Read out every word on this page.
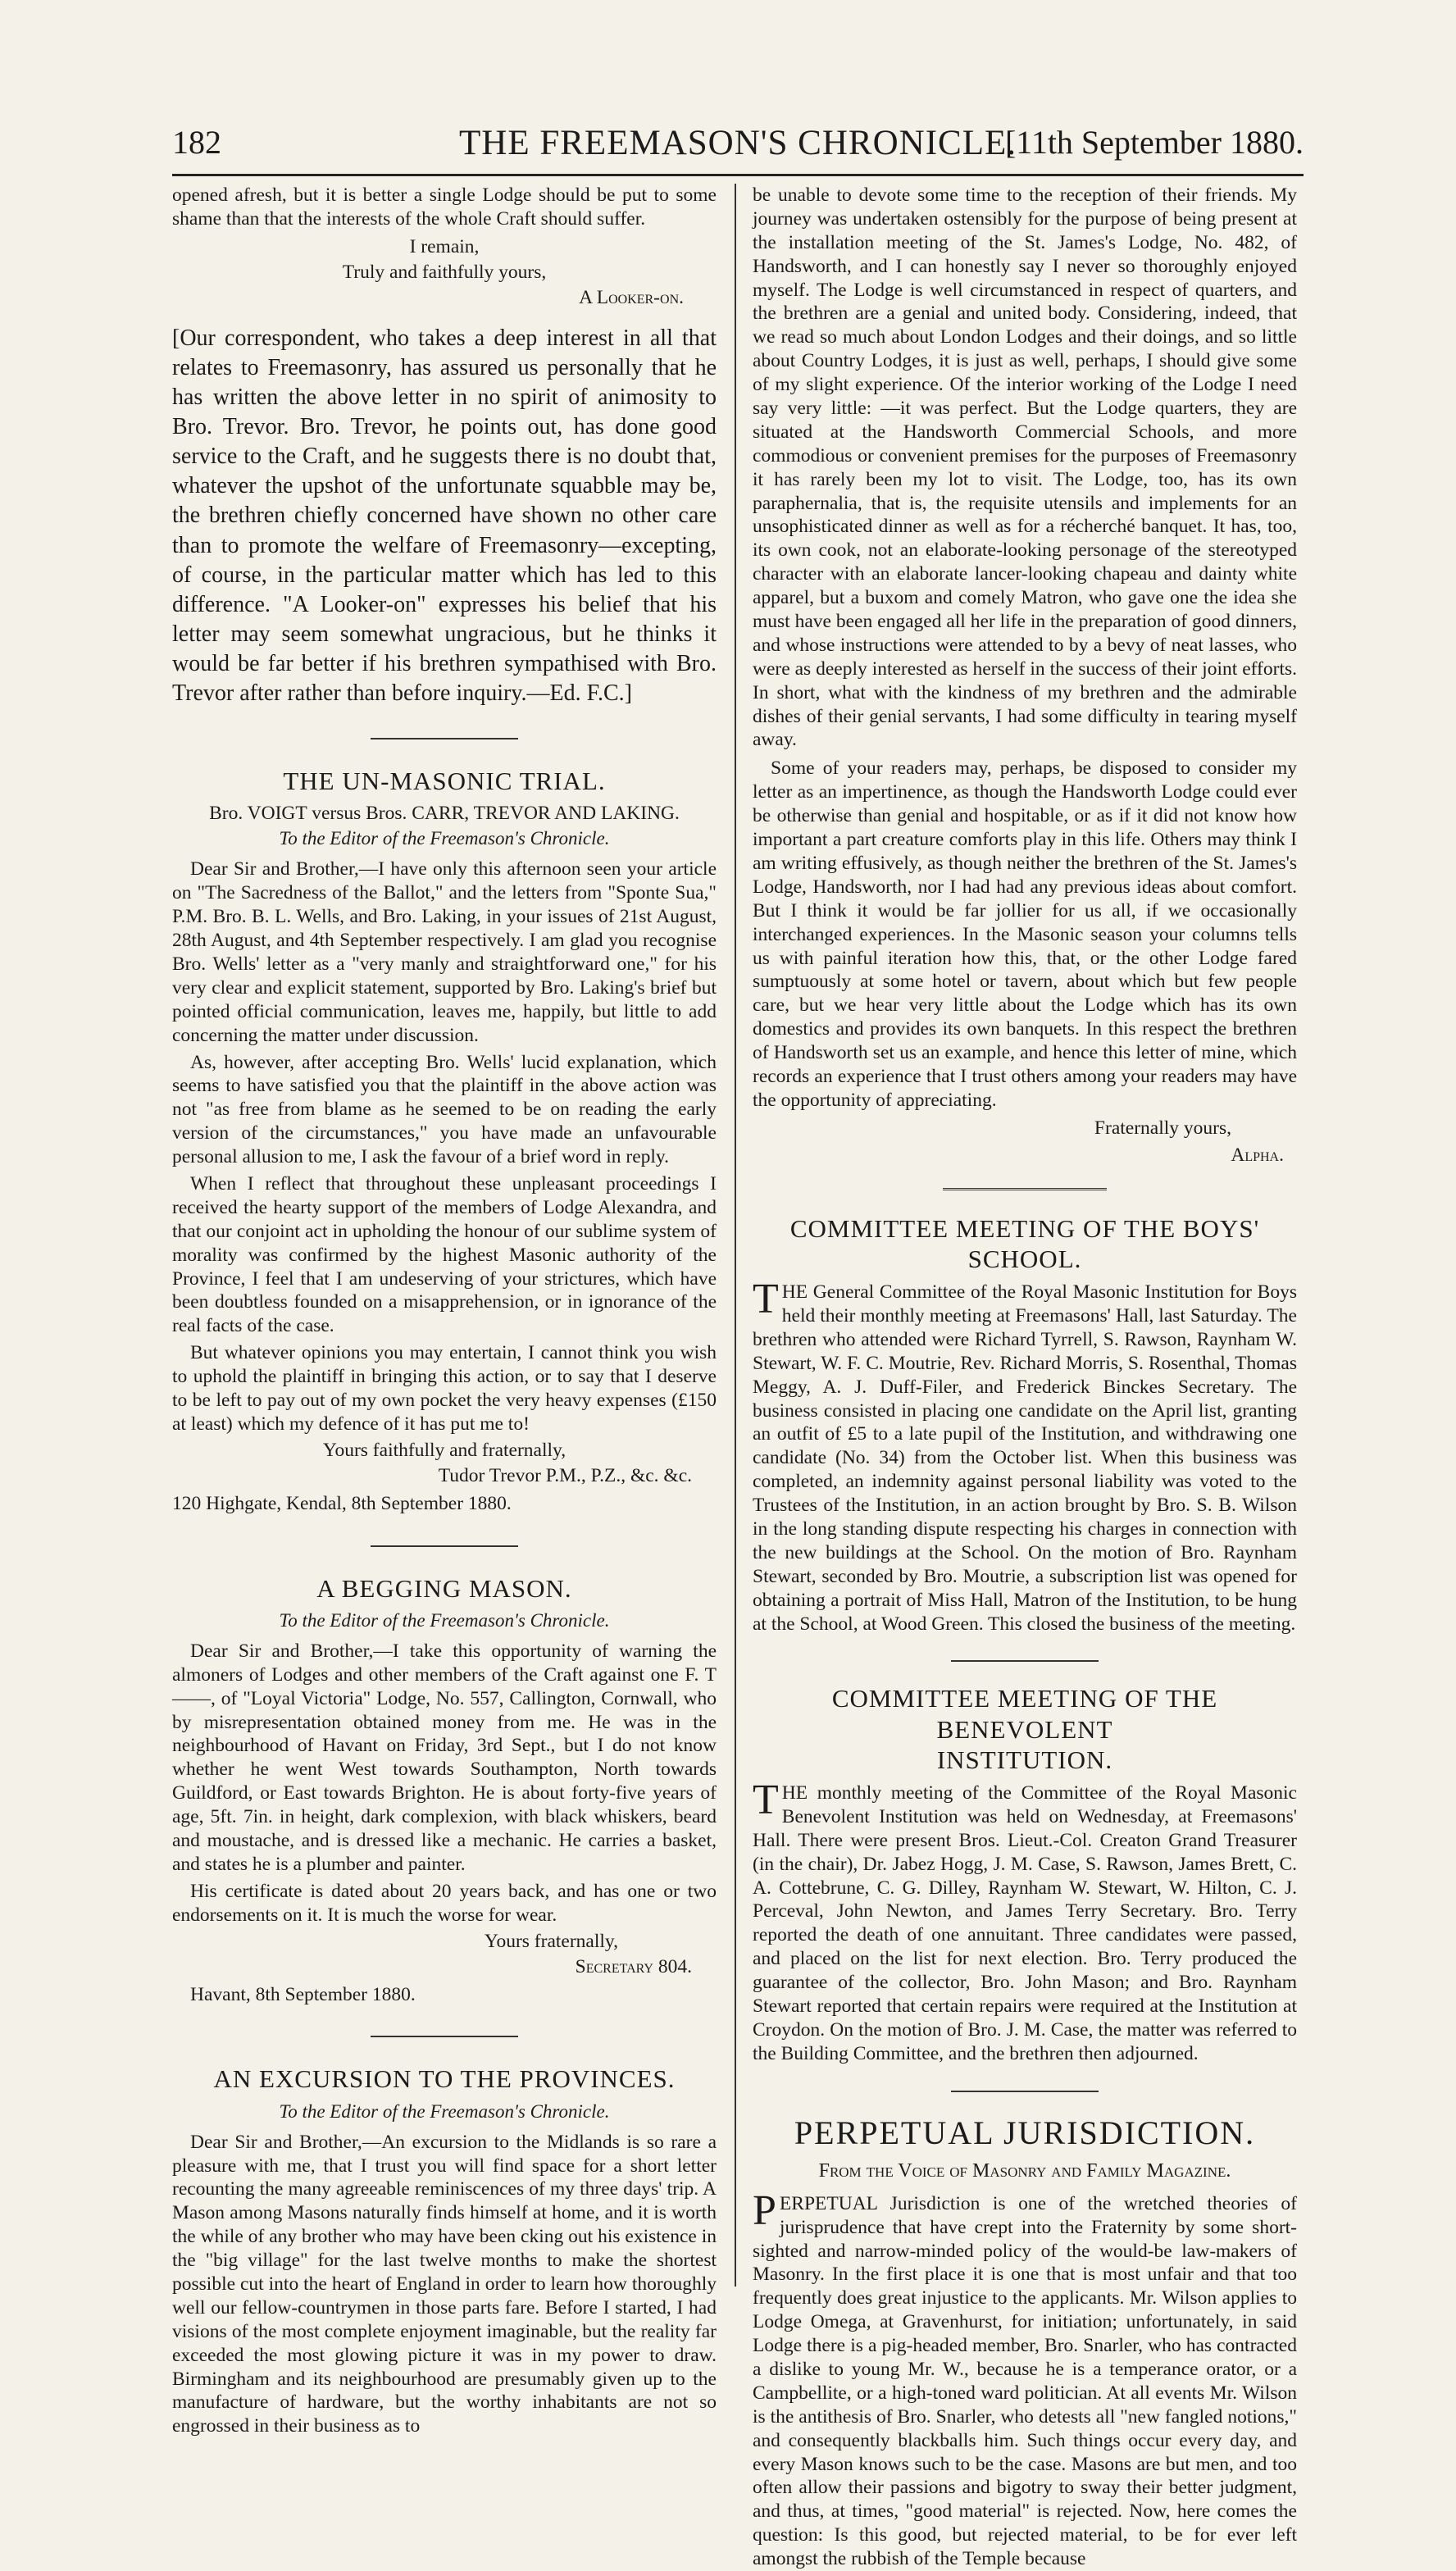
182	THE FREEMASON'S CHRONICLE.
[11th September 1880.

opened afresh, but it is better a single Lodge should be put to some shame than that the interests of the whole Craft should suffer.

I remain,
Truly and faithfully yours,
A Looker-on.

[Our correspondent, who takes a deep interest in all that relates to Freemasonry, has assured us personally that he has written the above letter in no spirit of animosity to Bro. Trevor. Bro. Trevor, he points out, has done good service to the Craft, and he suggests there is no doubt that, whatever the upshot of the unfortunate squabble may be, the brethren chiefly concerned have shown no other care than to promote the welfare of Freemasonry—excepting, of course, in the particular matter which has led to this difference. "A Looker-on" expresses his belief that his letter may seem somewhat ungracious, but he thinks it would be far better if his brethren sympathised with Bro. Trevor after rather than before inquiry.—Ed. F.C.]

THE UN-MASONIC TRIAL.
Bro. VOIGT versus Bros. CARR, TREVOR AND LAKING.
To the Editor of the Freemason's Chronicle.

Dear Sir and Brother,—I have only this afternoon seen your article on "The Sacredness of the Ballot," and the letters from "Sponte Sua," P.M. Bro. B. L. Wells, and Bro. Laking, in your issues of 21st August, 28th August, and 4th September respectively. I am glad you recognise Bro. Wells' letter as a "very manly and straightforward one," for his very clear and explicit statement, supported by Bro. Laking's brief but pointed official communication, leaves me, happily, but little to add concerning the matter under discussion.

As, however, after accepting Bro. Wells' lucid explanation, which seems to have satisfied you that the plaintiff in the above action was not "as free from blame as he seemed to be on reading the early version of the circumstances," you have made an unfavourable personal allusion to me, I ask the favour of a brief word in reply.

When I reflect that throughout these unpleasant proceedings I received the hearty support of the members of Lodge Alexandra, and that our conjoint act in upholding the honour of our sublime system of morality was confirmed by the highest Masonic authority of the Province, I feel that I am undeserving of your strictures, which have been doubtless founded on a misapprehension, or in ignorance of the real facts of the case.

But whatever opinions you may entertain, I cannot think you wish to uphold the plaintiff in bringing this action, or to say that I deserve to be left to pay out of my own pocket the very heavy expenses (£150 at least) which my defence of it has put me to!

Yours faithfully and fraternally,
Tudor Trevor P.M., P.Z., &c. &c.

120 Highgate, Kendal, 8th September 1880.

A BEGGING MASON.
To the Editor of the Freemason's Chronicle.

Dear Sir and Brother,—I take this opportunity of warning the almoners of Lodges and other members of the Craft against one F. T——, of "Loyal Victoria" Lodge, No. 557, Callington, Cornwall, who by misrepresentation obtained money from me. He was in the neighbourhood of Havant on Friday, 3rd Sept., but I do not know whether he went West towards Southampton, North towards Guildford, or East towards Brighton. He is about forty-five years of age, 5ft. 7in. in height, dark complexion, with black whiskers, beard and moustache, and is dressed like a mechanic. He carries a basket, and states he is a plumber and painter.

His certificate is dated about 20 years back, and has one or two endorsements on it. It is much the worse for wear.

Yours fraternally,
Secretary 804.

Havant, 8th September 1880.

AN EXCURSION TO THE PROVINCES.
To the Editor of the Freemason's Chronicle.

Dear Sir and Brother,—An excursion to the Midlands is so rare a pleasure with me, that I trust you will find space for a short letter recounting the many agreeable reminiscences of my three days' trip. A Mason among Masons naturally finds himself at home, and it is worth the while of any brother who may have been cking out his existence in the "big village" for the last twelve months to make the shortest possible cut into the heart of England in order to learn how thoroughly well our fellow-countrymen in those parts fare. Before I started, I had visions of the most complete enjoyment imaginable, but the reality far exceeded the most glowing picture it was in my power to draw. Birmingham and its neighbourhood are presumably given up to the manufacture of hardware, but the worthy inhabitants are not so engrossed in their business as to

be unable to devote some time to the reception of their friends. My journey was undertaken ostensibly for the purpose of being present at the installation meeting of the St. James's Lodge, No. 482, of Handsworth, and I can honestly say I never so thoroughly enjoyed myself. The Lodge is well circumstanced in respect of quarters, and the brethren are a genial and united body. Considering, indeed, that we read so much about London Lodges and their doings, and so little about Country Lodges, it is just as well, perhaps, I should give some of my slight experience. Of the interior working of the Lodge I need say very little: —it was perfect. But the Lodge quarters, they are situated at the Handsworth Commercial Schools, and more commodious or convenient premises for the purposes of Freemasonry it has rarely been my lot to visit. The Lodge, too, has its own paraphernalia, that is, the requisite utensils and implements for an unsophisticated dinner as well as for a récherché banquet. It has, too, its own cook, not an elaborate-looking personage of the stereotyped character with an elaborate lancer-looking chapeau and dainty white apparel, but a buxom and comely Matron, who gave one the idea she must have been engaged all her life in the preparation of good dinners, and whose instructions were attended to by a bevy of neat lasses, who were as deeply interested as herself in the success of their joint efforts. In short, what with the kindness of my brethren and the admirable dishes of their genial servants, I had some difficulty in tearing myself away.

Some of your readers may, perhaps, be disposed to consider my letter as an impertinence, as though the Handsworth Lodge could ever be otherwise than genial and hospitable, or as if it did not know how important a part creature comforts play in this life. Others may think I am writing effusively, as though neither the brethren of the St. James's Lodge, Handsworth, nor I had had any previous ideas about comfort. But I think it would be far jollier for us all, if we occasionally interchanged experiences. In the Masonic season your columns tells us with painful iteration how this, that, or the other Lodge fared sumptuously at some hotel or tavern, about which but few people care, but we hear very little about the Lodge which has its own domestics and provides its own banquets. In this respect the brethren of Handsworth set us an example, and hence this letter of mine, which records an experience that I trust others among your readers may have the opportunity of appreciating.

Fraternally yours,
Alpha.
COMMITTEE MEETING OF THE BOYS' SCHOOL.

THE General Committee of the Royal Masonic Institution for Boys held their monthly meeting at Freemasons' Hall, last Saturday. The brethren who attended were Richard Tyrrell, S. Rawson, Raynham W. Stewart, W. F. C. Moutrie, Rev. Richard Morris, S. Rosenthal, Thomas Meggy, A. J. Duff-Filer, and Frederick Binckes Secretary. The business consisted in placing one candidate on the April list, granting an outfit of £5 to a late pupil of the Institution, and withdrawing one candidate (No. 34) from the October list. When this business was completed, an indemnity against personal liability was voted to the Trustees of the Institution, in an action brought by Bro. S. B. Wilson in the long standing dispute respecting his charges in connection with the new buildings at the School. On the motion of Bro. Raynham Stewart, seconded by Bro. Moutrie, a subscription list was opened for obtaining a portrait of Miss Hall, Matron of the Institution, to be hung at the School, at Wood Green. This closed the business of the meeting.

COMMITTEE MEETING OF THE BENEVOLENT
INSTITUTION.

THE monthly meeting of the Committee of the Royal Masonic Benevolent Institution was held on Wednesday, at Freemasons' Hall. There were present Bros. Lieut.-Col. Creaton Grand Treasurer (in the chair), Dr. Jabez Hogg, J. M. Case, S. Rawson, James Brett, C. A. Cottebrune, C. G. Dilley, Raynham W. Stewart, W. Hilton, C. J. Perceval, John Newton, and James Terry Secretary. Bro. Terry reported the death of one annuitant. Three candidates were passed, and placed on the list for next election. Bro. Terry produced the guarantee of the collector, Bro. John Mason; and Bro. Raynham Stewart reported that certain repairs were required at the Institution at Croydon. On the motion of Bro. J. M. Case, the matter was referred to the Building Committee, and the brethren then adjourned.

PERPETUAL JURISDICTION.
From the Voice of Masonry and Family Magazine.

PERPETUAL Jurisdiction is one of the wretched theories of jurisprudence that have crept into the Fraternity by some short-sighted and narrow-minded policy of the would-be law-makers of Masonry. In the first place it is one that is most unfair and that too frequently does great injustice to the applicants. Mr. Wilson applies to Lodge Omega, at Gravenhurst, for initiation; unfortunately, in said Lodge there is a pig-headed member, Bro. Snarler, who has contracted a dislike to young Mr. W., because he is a temperance orator, or a Campbellite, or a high-toned ward politician. At all events Mr. Wilson is the antithesis of Bro. Snarler, who detests all "new fangled notions," and consequently blackballs him. Such things occur every day, and every Mason knows such to be the case. Masons are but men, and too often allow their passions and bigotry to sway their better judgment, and thus, at times, "good material" is rejected. Now, here comes the question: Is this good, but rejected material, to be for ever left amongst the rubbish of the Temple because
